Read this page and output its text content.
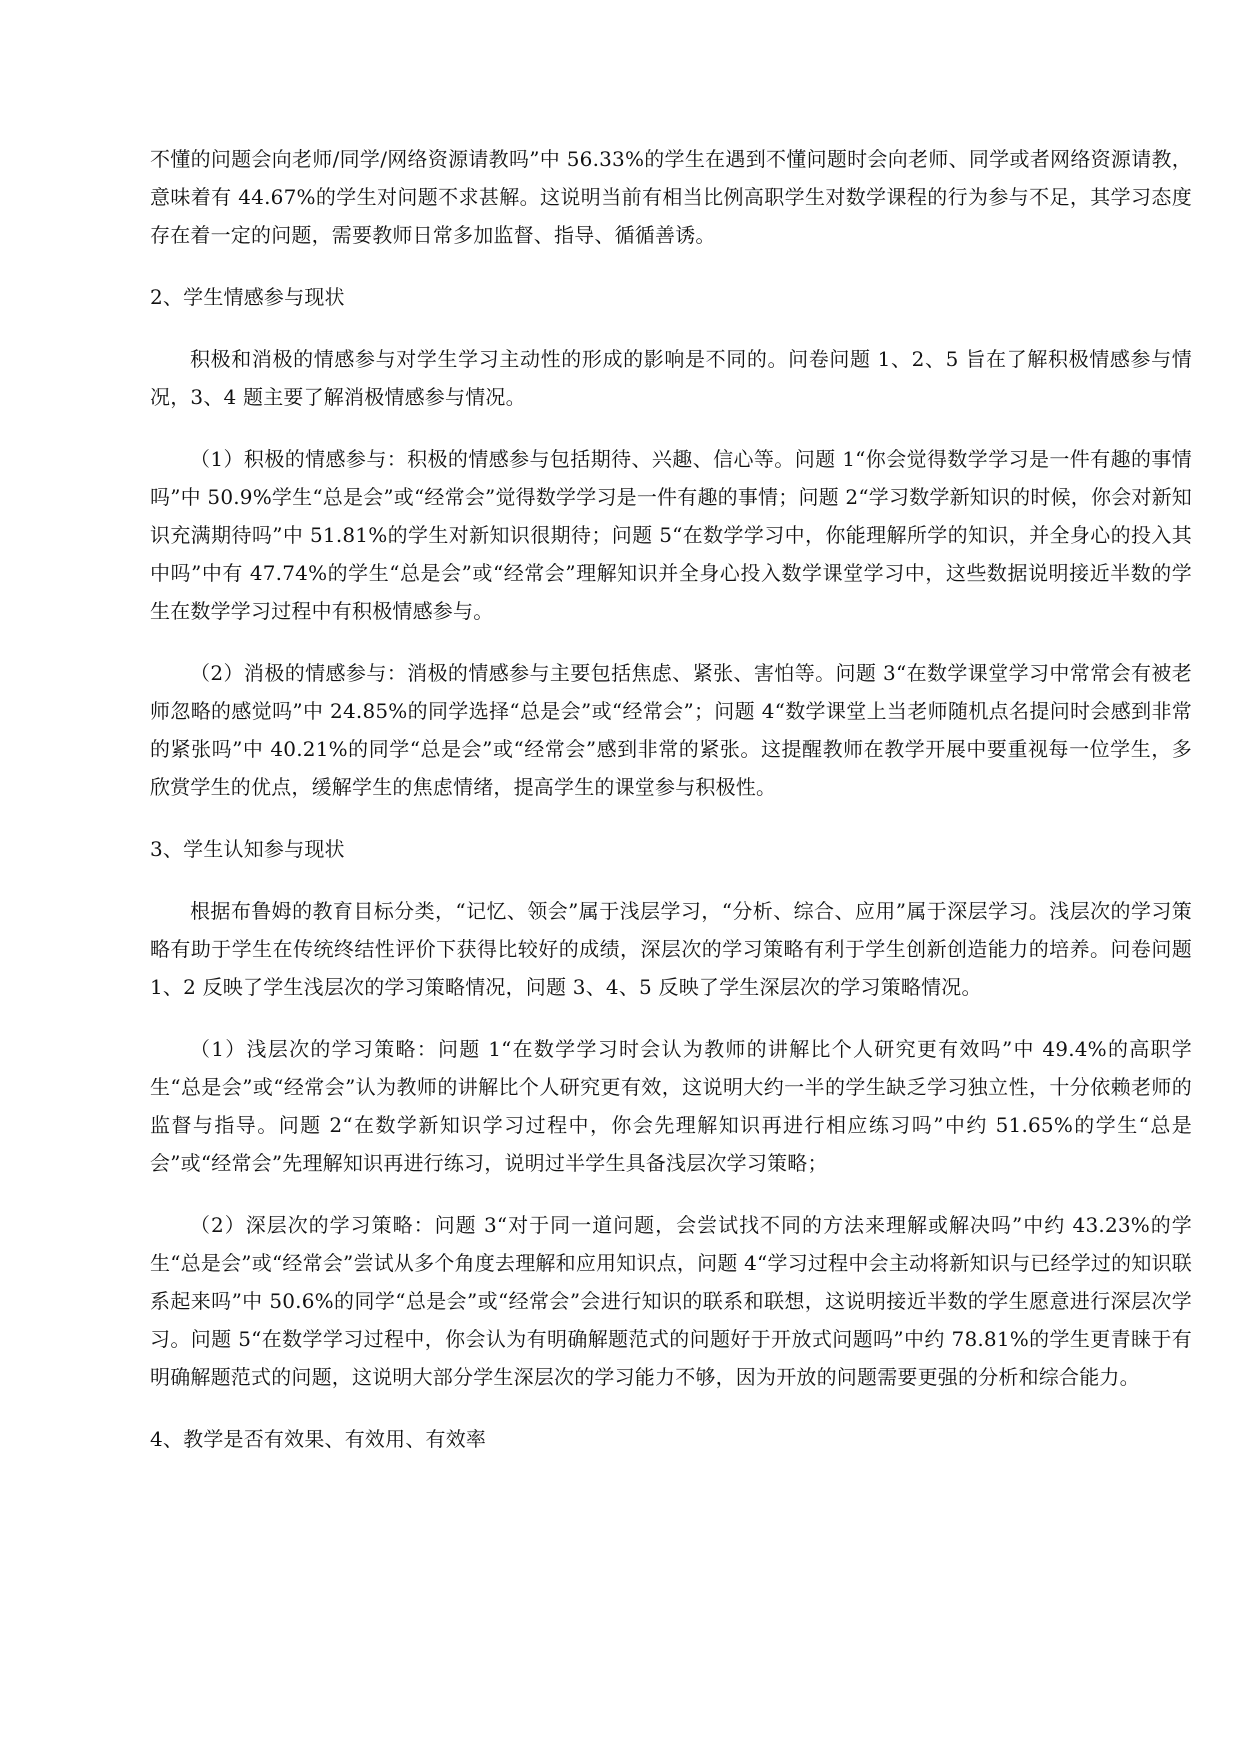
不懂的问题会向老师/同学/网络资源请教吗”中 56.33%的学生在遇到不懂问题时会向老师、同学或者网络资源请教，意味着有 44.67%的学生对问题不求甚解。这说明当前有相当比例高职学生对数学课程的行为参与不足，其学习态度存在着一定的问题，需要教师日常多加监督、指导、循循善诱。

2、学生情感参与现状

积极和消极的情感参与对学生学习主动性的形成的影响是不同的。问卷问题 1、2、5 旨在了解积极情感参与情况，3、4 题主要了解消极情感参与情况。

（1）积极的情感参与：积极的情感参与包括期待、兴趣、信心等。问题 1“你会觉得数学学习是一件有趣的事情吗”中 50.9%学生“总是会”或“经常会”觉得数学学习是一件有趣的事情；问题 2“学习数学新知识的时候，你会对新知识充满期待吗”中 51.81%的学生对新知识很期待；问题 5“在数学学习中，你能理解所学的知识，并全身心的投入其中吗”中有 47.74%的学生“总是会”或“经常会”理解知识并全身心投入数学课堂学习中，这些数据说明接近半数的学生在数学学习过程中有积极情感参与。

（2）消极的情感参与：消极的情感参与主要包括焦虑、紧张、害怕等。问题 3“在数学课堂学习中常常会有被老师忽略的感觉吗”中 24.85%的同学选择“总是会”或“经常会”；问题 4“数学课堂上当老师随机点名提问时会感到非常的紧张吗”中 40.21%的同学“总是会”或“经常会”感到非常的紧张。这提醒教师在教学开展中要重视每一位学生，多欣赏学生的优点，缓解学生的焦虑情绪，提高学生的课堂参与积极性。

3、学生认知参与现状

根据布鲁姆的教育目标分类，“记忆、领会”属于浅层学习，“分析、综合、应用”属于深层学习。浅层次的学习策略有助于学生在传统终结性评价下获得比较好的成绩，深层次的学习策略有利于学生创新创造能力的培养。问卷问题 1、2 反映了学生浅层次的学习策略情况，问题 3、4、5 反映了学生深层次的学习策略情况。

（1）浅层次的学习策略：问题 1“在数学学习时会认为教师的讲解比个人研究更有效吗”中 49.4%的高职学生“总是会”或“经常会”认为教师的讲解比个人研究更有效，这说明大约一半的学生缺乏学习独立性，十分依赖老师的监督与指导。问题 2“在数学新知识学习过程中，你会先理解知识再进行相应练习吗”中约 51.65%的学生“总是会”或“经常会”先理解知识再进行练习，说明过半学生具备浅层次学习策略；

（2）深层次的学习策略：问题 3“对于同一道问题，会尝试找不同的方法来理解或解决吗”中约 43.23%的学生“总是会”或“经常会”尝试从多个角度去理解和应用知识点，问题 4“学习过程中会主动将新知识与已经学过的知识联系起来吗”中 50.6%的同学“总是会”或“经常会”会进行知识的联系和联想，这说明接近半数的学生愿意进行深层次学习。问题 5“在数学学习过程中，你会认为有明确解题范式的问题好于开放式问题吗”中约 78.81%的学生更青睐于有明确解题范式的问题，这说明大部分学生深层次的学习能力不够，因为开放的问题需要更强的分析和综合能力。

4、教学是否有效果、有效用、有效率
